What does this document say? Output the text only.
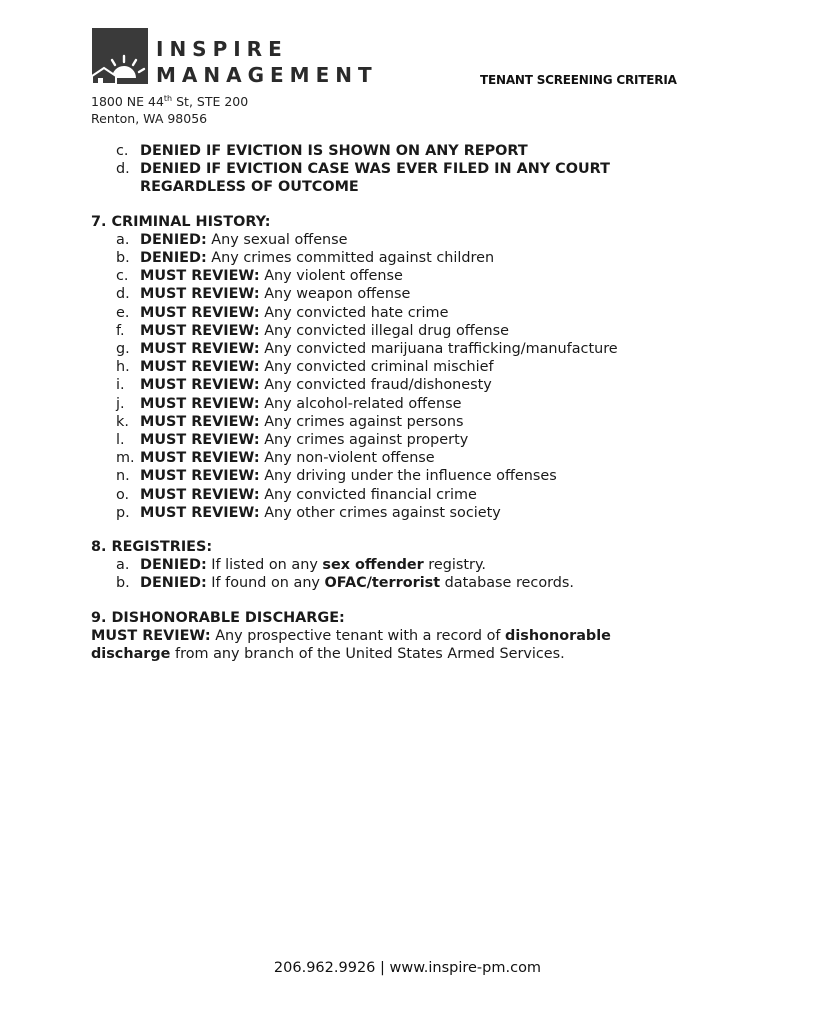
INSPIRE
MANAGEMENT
1800 NE 44th St, STE 200
Renton, WA 98056
TENANT SCREENING CRITERIA
c. DENIED IF EVICTION IS SHOWN ON ANY REPORT
d. DENIED IF EVICTION CASE WAS EVER FILED IN ANY COURT REGARDLESS OF OUTCOME
7. CRIMINAL HISTORY:
a. DENIED: Any sexual offense
b. DENIED: Any crimes committed against children
c. MUST REVIEW: Any violent offense
d. MUST REVIEW: Any weapon offense
e. MUST REVIEW: Any convicted hate crime
f. MUST REVIEW: Any convicted illegal drug offense
g. MUST REVIEW: Any convicted marijuana trafficking/manufacture
h. MUST REVIEW: Any convicted criminal mischief
i. MUST REVIEW: Any convicted fraud/dishonesty
j. MUST REVIEW: Any alcohol-related offense
k. MUST REVIEW: Any crimes against persons
l. MUST REVIEW: Any crimes against property
m. MUST REVIEW: Any non-violent offense
n. MUST REVIEW: Any driving under the influence offenses
o. MUST REVIEW: Any convicted financial crime
p. MUST REVIEW: Any other crimes against society
8. REGISTRIES:
a. DENIED: If listed on any sex offender registry.
b. DENIED: If found on any OFAC/terrorist database records.
9. DISHONORABLE DISCHARGE:
MUST REVIEW: Any prospective tenant with a record of dishonorable discharge from any branch of the United States Armed Services.
206.962.9926 | www.inspire-pm.com
